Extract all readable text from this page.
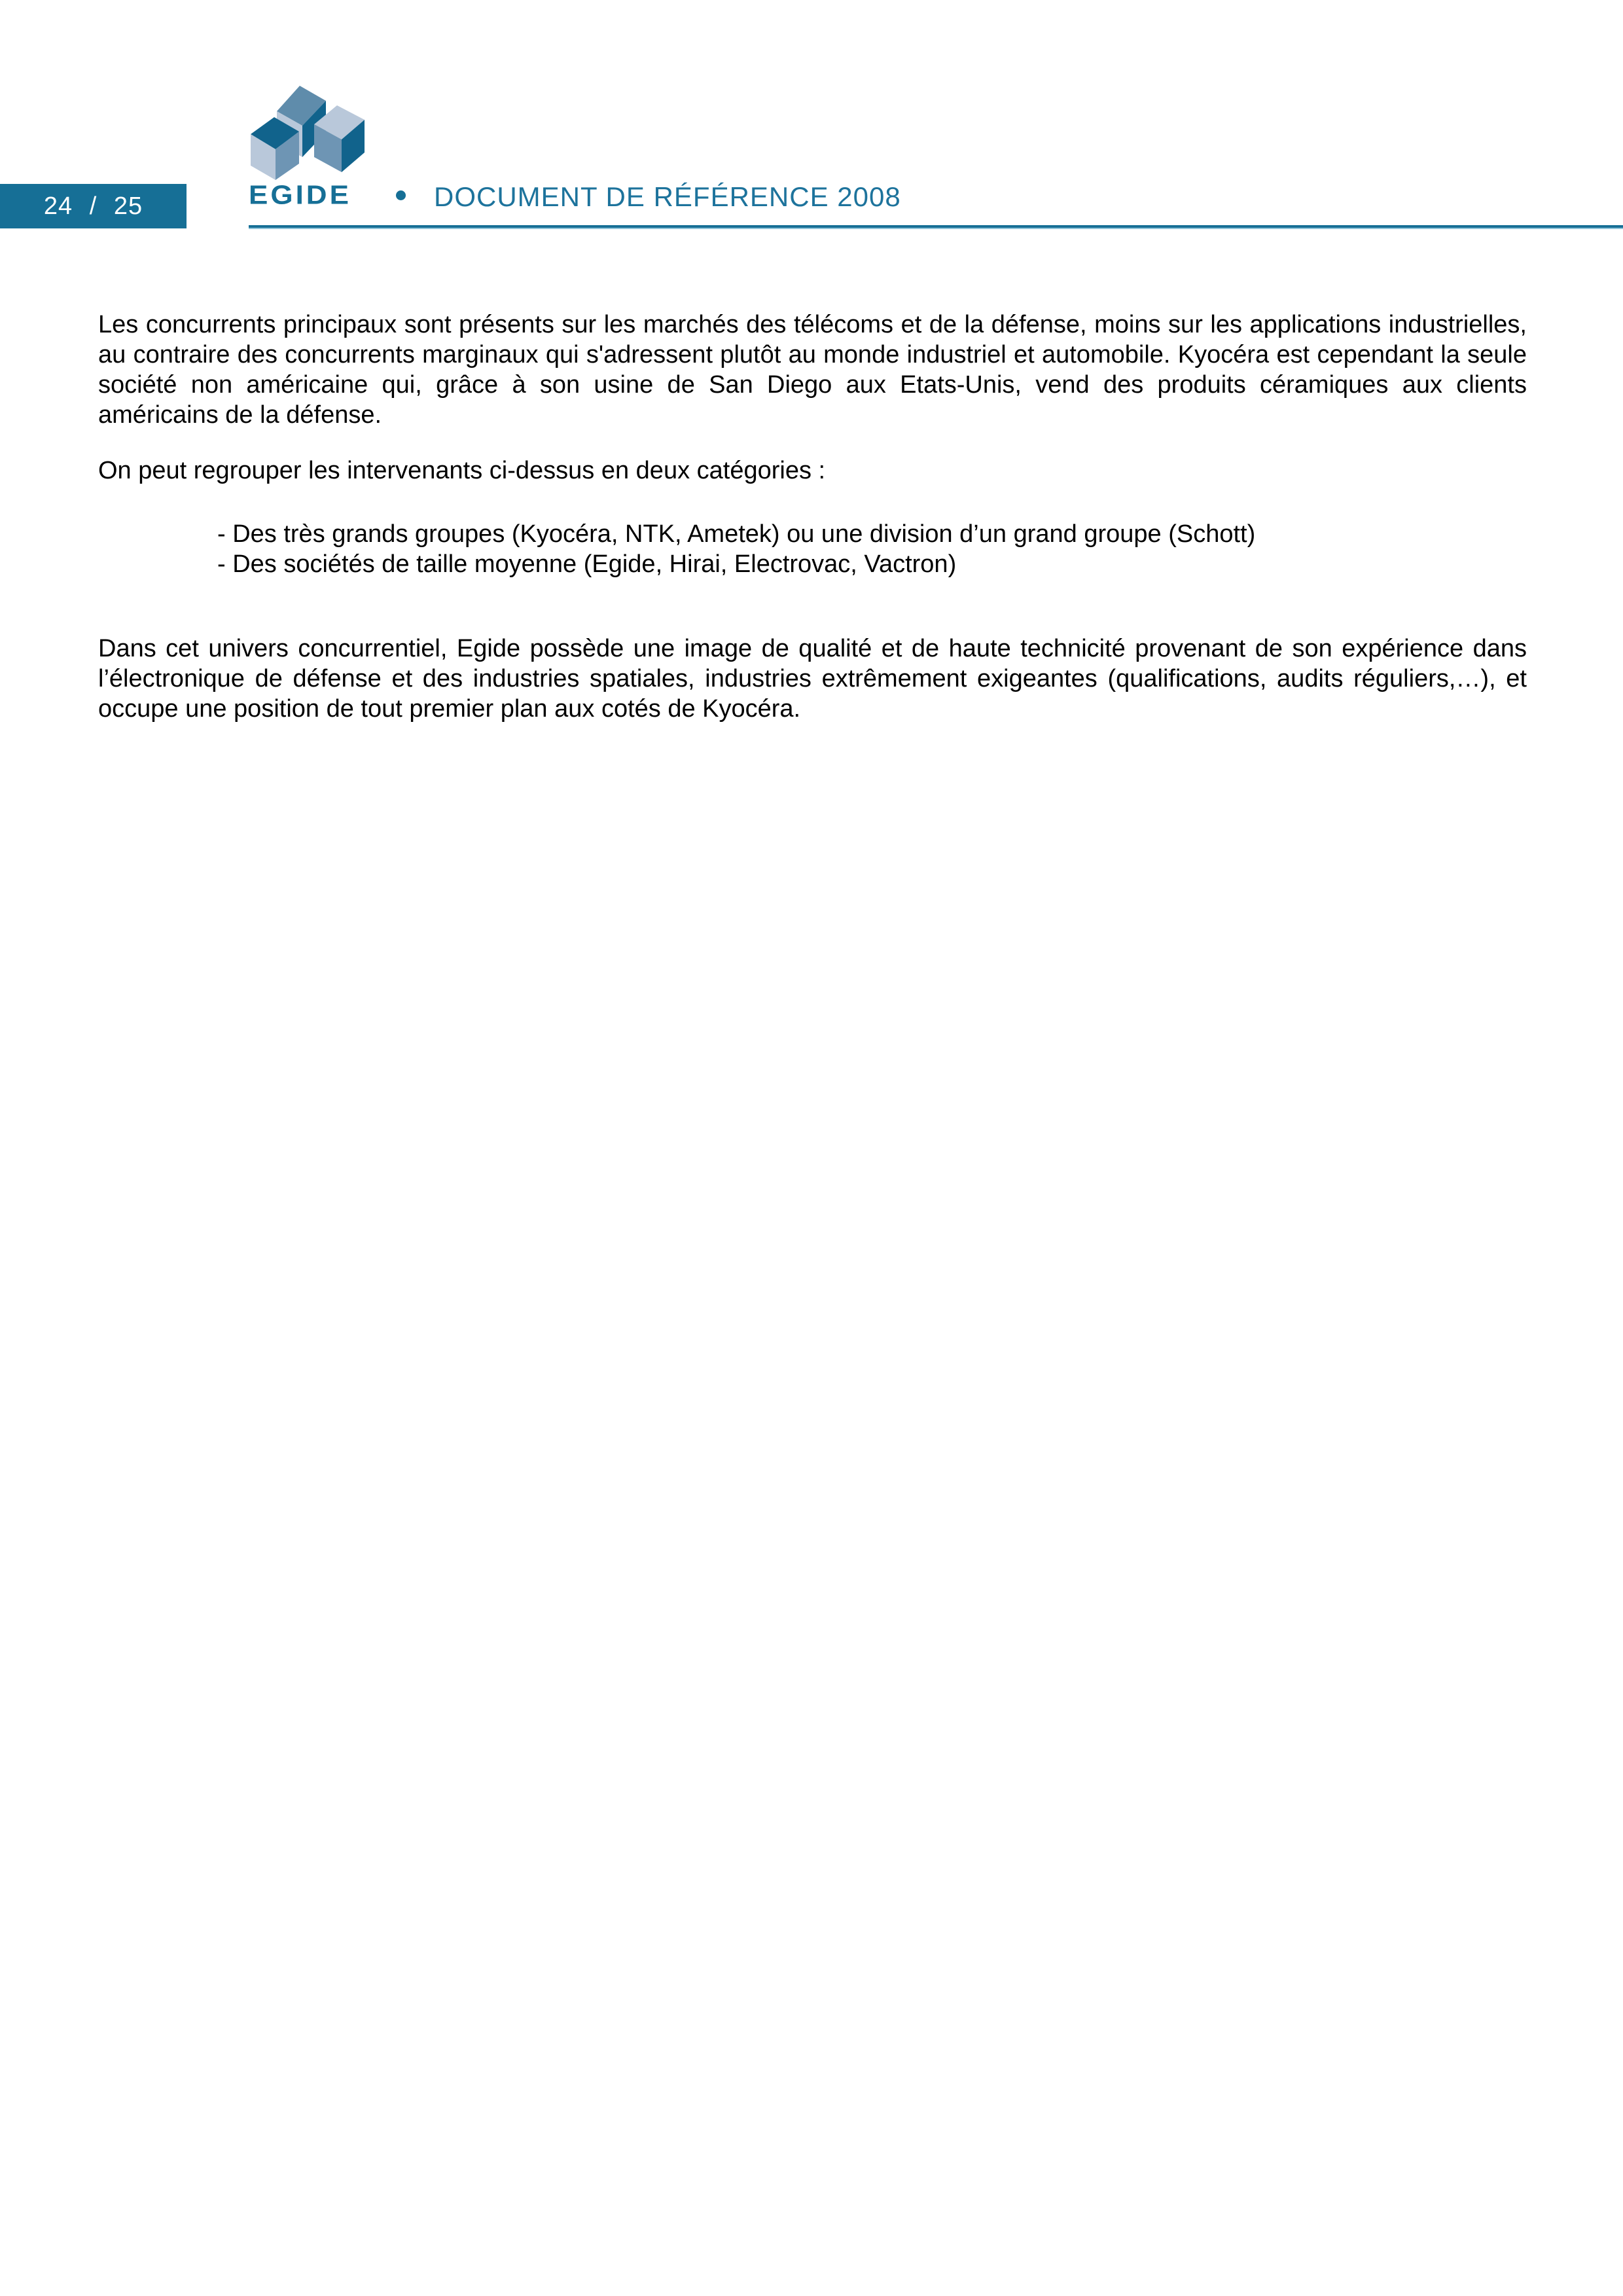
24 / 25	EGIDE	DOCUMENT DE RÉFÉRENCE 2008

Les concurrents principaux sont présents sur les marchés des télécoms et de la défense, moins sur les applications industrielles, au contraire des concurrents marginaux qui s'adressent plutôt au monde industriel et automobile. Kyocéra est cependant la seule société non américaine qui, grâce à son usine de San Diego aux Etats-Unis, vend des produits céramiques aux clients américains de la défense.

On peut regrouper les intervenants ci-dessus en deux catégories :

- Des très grands groupes (Kyocéra, NTK, Ametek) ou une division d’un grand groupe (Schott)
- Des sociétés de taille moyenne (Egide, Hirai, Electrovac, Vactron)

Dans cet univers concurrentiel, Egide possède une image de qualité et de haute technicité provenant de son expérience dans l’électronique de défense et des industries spatiales, industries extrêmement exigeantes (qualifications, audits réguliers,…), et occupe une position de tout premier plan aux cotés de Kyocéra.
